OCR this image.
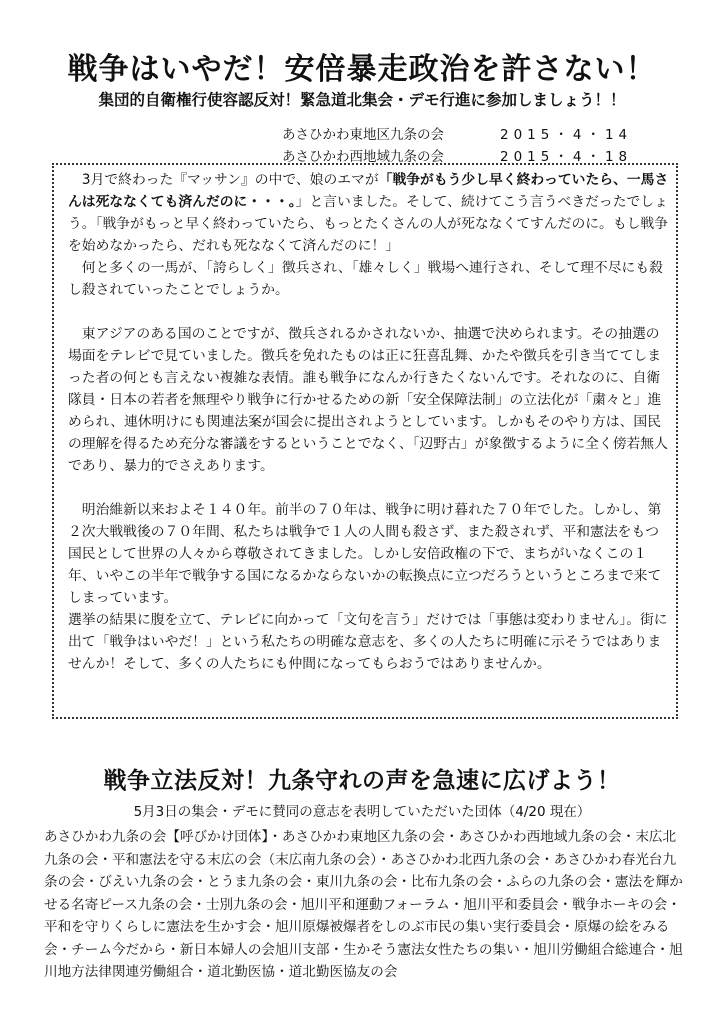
戦争はいやだ！安倍暴走政治を許さない！
集団的自衛権行使容認反対！緊急道北集会・デモ行進に参加しましょう！！
あさひかわ東地区九条の会	2015・4・14
あさひかわ西地域九条の会	2015・4・18

3月で終わった『マッサン』の中で、娘のエマが「戦争がもう少し早く終わっていたら、一馬さんは死ななくても済んだのに・・・。」と言いました。そして、続けてこう言うべきだったでしょう。「戦争がもっと早く終わっていたら、もっとたくさんの人が死ななくてすんだのに。もし戦争を始めなかったら、だれも死ななくて済んだのに！」

何と多くの一馬が、「誇らしく」徴兵され、「雄々しく」戦場へ連行され、そして理不尽にも殺し殺されていったことでしょうか。

東アジアのある国のことですが、徴兵されるかされないか、抽選で決められます。その抽選の場面をテレビで見ていました。徴兵を免れたものは正に狂喜乱舞、かたや徴兵を引き当ててしまった者の何とも言えない複雑な表情。誰も戦争になんか行きたくないんです。それなのに、自衛隊員・日本の若者を無理やり戦争に行かせるための新「安全保障法制」の立法化が「粛々と」進められ、連休明けにも関連法案が国会に提出されようとしています。しかもそのやり方は、国民の理解を得るため充分な審議をするということでなく、「辺野古」が象徴するように全く傍若無人であり、暴力的でさえあります。

明治維新以来およそ１４０年。前半の７０年は、戦争に明け暮れた７０年でした。しかし、第２次大戦戦後の７０年間、私たちは戦争で１人の人間も殺さず、また殺されず、平和憲法をもつ国民として世界の人々から尊敬されてきました。しかし安倍政権の下で、まちがいなくこの１年、いやこの半年で戦争する国になるかならないかの転換点に立つだろうというところまで来てしまっています。

選挙の結果に腹を立て、テレビに向かって「文句を言う」だけでは「事態は変わりません」。街に出て「戦争はいやだ！」という私たちの明確な意志を、多くの人たちに明確に示そうではありませんか！そして、多くの人たちにも仲間になってもらおうではありませんか。

戦争立法反対！九条守れの声を急速に広げよう！
5月3日の集会・デモに賛同の意志を表明していただいた団体（4/20 現在）
あさひかわ九条の会【呼びかけ団体】・あさひかわ東地区九条の会・あさひかわ西地域九条の会・末広北九条の会・平和憲法を守る末広の会（末広南九条の会）・あさひかわ北西九条の会・あさひかわ春光台九条の会・びえい九条の会・とうま九条の会・東川九条の会・比布九条の会・ふらの九条の会・憲法を輝かせる名寄ピース九条の会・士別九条の会・旭川平和運動フォーラム・旭川平和委員会・戦争ホーキの会・平和を守りくらしに憲法を生かす会・旭川原爆被爆者をしのぶ市民の集い実行委員会・原爆の絵をみる会・チーム今だから・新日本婦人の会旭川支部・生かそう憲法女性たちの集い・旭川労働組合総連合・旭川地方法律関連労働組合・道北勤医協・道北勤医協友の会
